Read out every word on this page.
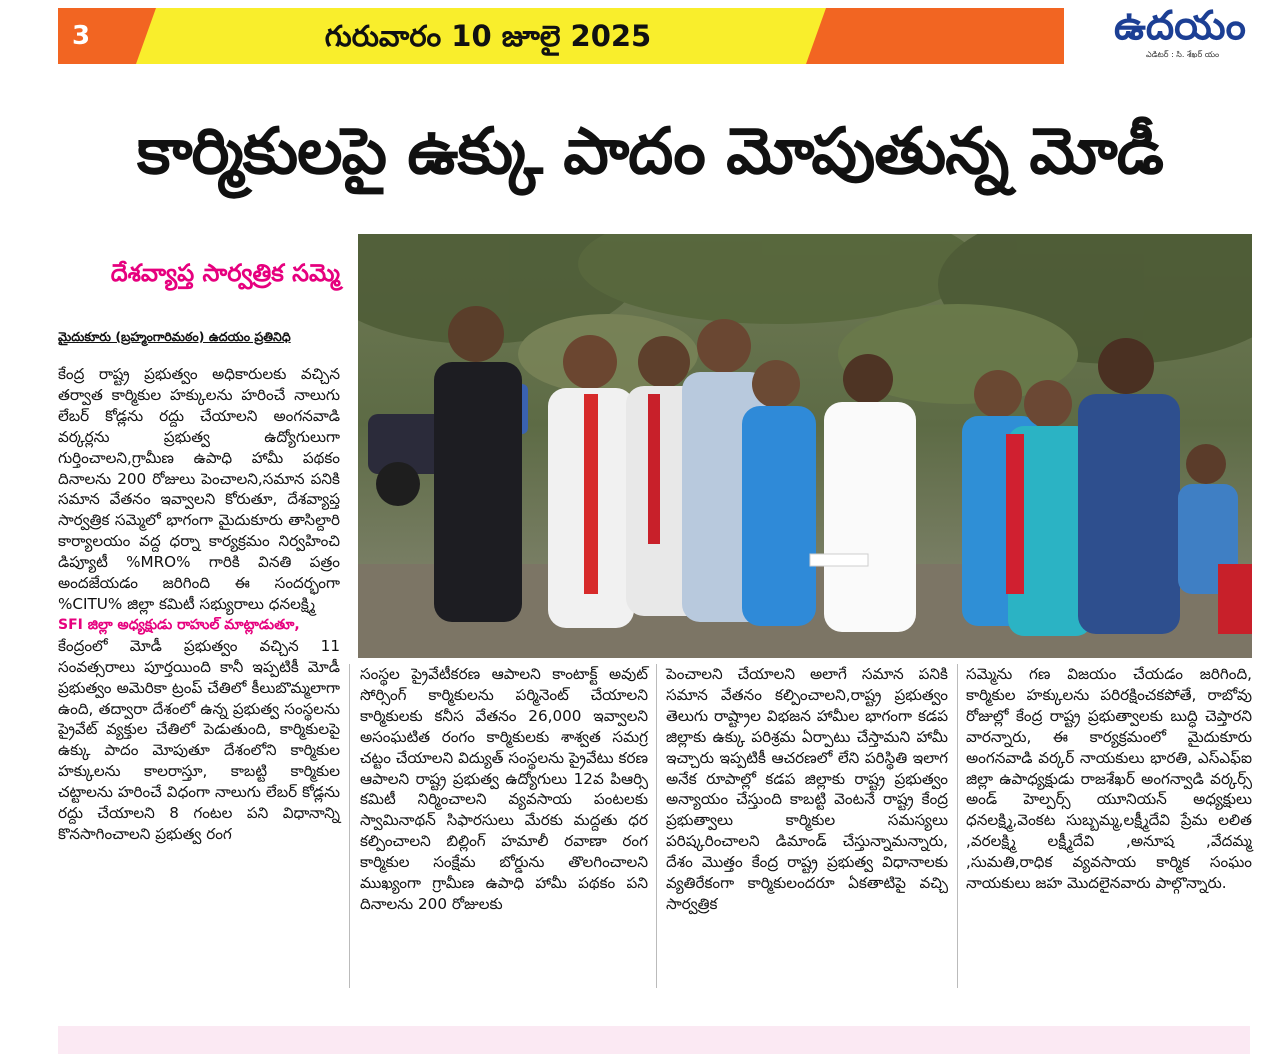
3	గురువారం 10 జూలై 2025	ఉదయం
ఎడిటర్ : సి. శేఖర్ యం
కార్మికులపై ఉక్కు పాదం మోపుతున్న మోడీ
దేశవ్యాప్త సార్వత్రిక సమ్మె
మైదుకూరు (బ్రహ్మంగారిమఠం) ఉదయం ప్రతినిధి

కేంద్ర రాష్ట్ర ప్రభుత్వం అధికారులకు వచ్చిన తర్వాత కార్మికుల హక్కులను హరించే నాలుగు లేబర్ కోడ్లను రద్దు చేయాలని అంగనవాడి వర్కర్లను ప్రభుత్వ ఉద్యోగులుగా గుర్తించాలని,గ్రామీణ ఉపాధి హామీ పథకం దినాలను 200 రోజులు పెంచాలని,సమాన పనికి సమాన వేతనం ఇవ్వాలని కోరుతూ, దేశవ్యాప్త సార్వత్రిక సమ్మెలో భాగంగా మైదుకూరు తాసిల్దారి కార్యాలయం వద్ద ధర్నా కార్యక్రమం నిర్వహించి డిప్యూటీ %MRO% గారికి వినతి పత్రం అందజేయడం జరిగింది ఈ సందర్భంగా %CITU% జిల్లా కమిటీ సభ్యురాలు ధనలక్ష్మి

SFI జిల్లా అధ్యక్షుడు రాహుల్ మాట్లాడుతూ,

కేంద్రంలో మోడీ ప్రభుత్వం వచ్చిన 11 సంవత్సరాలు పూర్తయింది కానీ ఇప్పటికీ మోడీ ప్రభుత్వం అమెరికా ట్రంప్ చేతిలో కీలుబొమ్మలాగా ఉంది, తద్వారా దేశంలో ఉన్న ప్రభుత్వ సంస్థలను ప్రైవేట్ వ్యక్తుల చేతిలో పెడుతుంది, కార్మికులపై ఉక్కు పాదం మోపుతూ దేశంలోని కార్మికుల హక్కులను కాలరాస్తూ, కాబట్టి కార్మికుల చట్టాలను హరించే విధంగా నాలుగు లేబర్ కోడ్లను రద్దు చేయాలని 8 గంటల పని విధానాన్ని కొనసాగించాలని ప్రభుత్వ రంగ

సంస్థల ప్రైవేటీకరణ ఆపాలని కాంటాక్ట్ అవుట్ సోర్సింగ్ కార్మికులను పర్మినెంట్ చేయాలని కార్మికులకు కనీస వేతనం 26,000 ఇవ్వాలని అసంఘటిత రంగం కార్మికులకు శాశ్వత సమగ్ర చట్టం చేయాలని విద్యుత్ సంస్థలను ప్రైవేటు కరణ ఆపాలని రాష్ట్ర ప్రభుత్వ ఉద్యోగులు 12వ పిఆర్సి కమిటీ నిర్మించాలని వ్యవసాయ పంటలకు స్వామినాథన్ సిఫారసులు మేరకు మద్దతు ధర కల్పించాలని బిల్లింగ్ హమాలీ రవాణా రంగ కార్మికుల సంక్షేమ బోర్డును తొలగించాలని ముఖ్యంగా గ్రామీణ ఉపాధి హామీ పథకం పని దినాలను 200 రోజులకు

పెంచాలని చేయాలని అలాగే సమాన పనికి సమాన వేతనం కల్పించాలని,రాష్ట్ర ప్రభుత్వం తెలుగు రాష్ట్రాల విభజన హామీల భాగంగా కడప జిల్లాకు ఉక్కు పరిశ్రమ ఏర్పాటు చేస్తామని హామీ ఇచ్చారు ఇప్పటికీ ఆచరణలో లేని పరిస్థితి ఇలాగ అనేక రూపాల్లో కడప జిల్లాకు రాష్ట్ర ప్రభుత్వం అన్యాయం చేస్తుంది కాబట్టి వెంటనే రాష్ట్ర కేంద్ర ప్రభుత్వాలు కార్మికుల సమస్యలు పరిష్కరించాలని డిమాండ్ చేస్తున్నామన్నారు, దేశం మొత్తం కేంద్ర రాష్ట్ర ప్రభుత్వ విధానాలకు వ్యతిరేకంగా కార్మికులందరూ ఏకతాటిపై వచ్చి సార్వత్రిక

సమ్మెను గణ విజయం చేయడం జరిగింది, కార్మికుల హక్కులను పరిరక్షించకపోతే, రాబోవు రోజుల్లో కేంద్ర రాష్ట్ర ప్రభుత్వాలకు బుద్ధి చెప్తారని వారన్నారు, ఈ కార్యక్రమంలో మైదుకూరు అంగనవాడి వర్కర్ నాయకులు భారతి, ఎస్ఎఫ్ఐ జిల్లా ఉపాధ్యక్షుడు రాజశేఖర్ అంగన్వాడి వర్కర్స్ అండ్ హెల్పర్స్ యూనియన్ అధ్యక్షులు ధనలక్ష్మి,వెంకట సుబ్బమ్మ,లక్ష్మీదేవి ప్రేమ లలిత ,వరలక్ష్మి లక్ష్మీదేవి ,అనూష ,వేదమ్మ ,సుమతి,రాధిక వ్యవసాయ కార్మిక సంఘం నాయకులు జహ మొదలైనవారు పాల్గొన్నారు.
